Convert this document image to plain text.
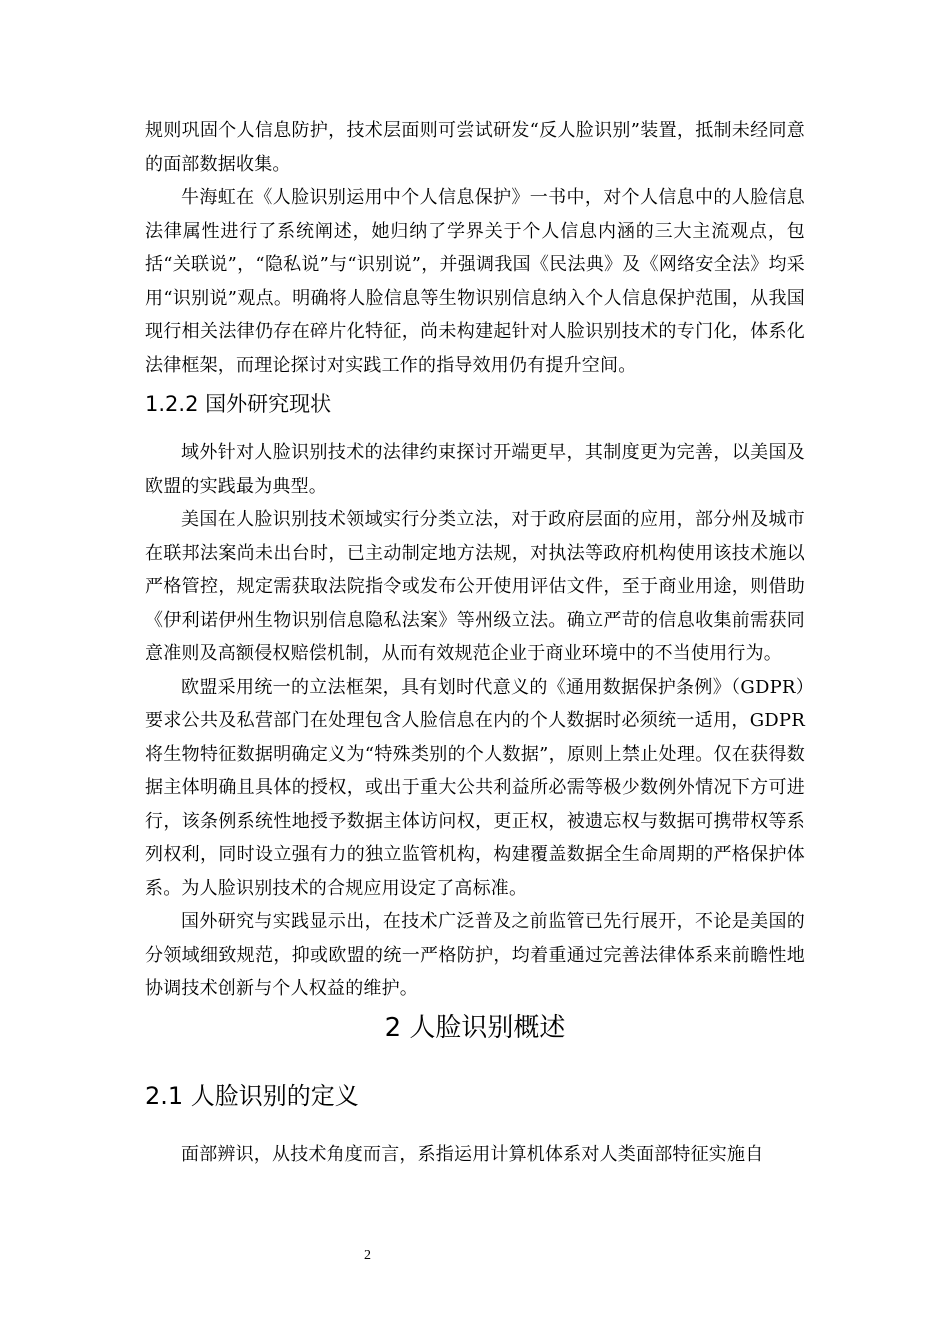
规则巩固个人信息防护，技术层面则可尝试研发“反人脸识别”装置，抵制未经同意的面部数据收集。

牛海虹在《人脸识别运用中个人信息保护》一书中，对个人信息中的人脸信息法律属性进行了系统阐述，她归纳了学界关于个人信息内涵的三大主流观点，包括“关联说”，“隐私说”与“识别说”，并强调我国《民法典》及《网络安全法》均采用“识别说”观点。明确将人脸信息等生物识别信息纳入个人信息保护范围，从我国现行相关法律仍存在碎片化特征，尚未构建起针对人脸识别技术的专门化，体系化法律框架，而理论探讨对实践工作的指导效用仍有提升空间。

1.2.2 国外研究现状

域外针对人脸识别技术的法律约束探讨开端更早，其制度更为完善，以美国及欧盟的实践最为典型。

美国在人脸识别技术领域实行分类立法，对于政府层面的应用，部分州及城市在联邦法案尚未出台时，已主动制定地方法规，对执法等政府机构使用该技术施以严格管控，规定需获取法院指令或发布公开使用评估文件，至于商业用途，则借助《伊利诺伊州生物识别信息隐私法案》等州级立法。确立严苛的信息收集前需获同意准则及高额侵权赔偿机制，从而有效规范企业于商业环境中的不当使用行为。

欧盟采用统一的立法框架，具有划时代意义的《通用数据保护条例》（GDPR）要求公共及私营部门在处理包含人脸信息在内的个人数据时必须统一适用，GDPR将生物特征数据明确定义为“特殊类别的个人数据”，原则上禁止处理。仅在获得数据主体明确且具体的授权，或出于重大公共利益所必需等极少数例外情况下方可进行，该条例系统性地授予数据主体访问权，更正权，被遗忘权与数据可携带权等系列权利，同时设立强有力的独立监管机构，构建覆盖数据全生命周期的严格保护体系。为人脸识别技术的合规应用设定了高标准。

国外研究与实践显示出，在技术广泛普及之前监管已先行展开，不论是美国的分领域细致规范，抑或欧盟的统一严格防护，均着重通过完善法律体系来前瞻性地协调技术创新与个人权益的维护。

2 人脸识别概述
2.1 人脸识别的定义

面部辨识，从技术角度而言，系指运用计算机体系对人类面部特征实施自

2
